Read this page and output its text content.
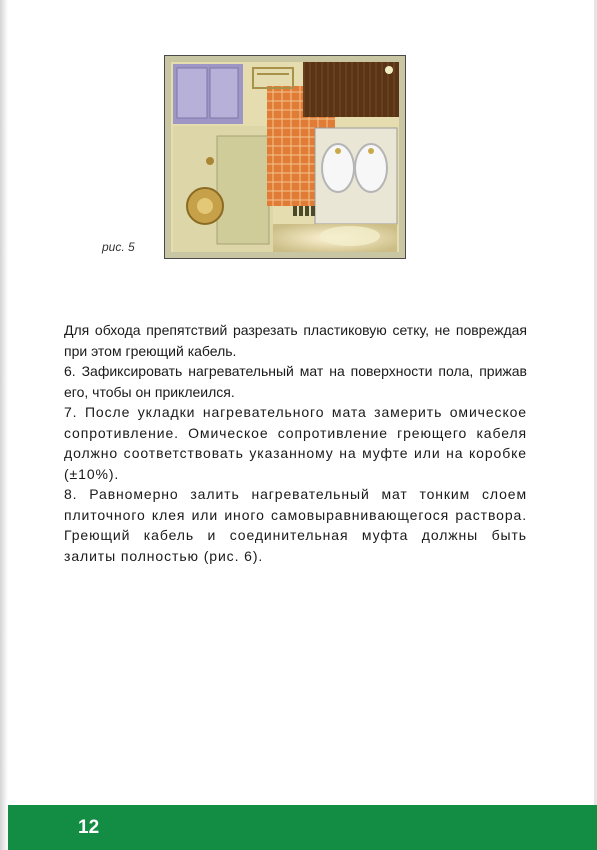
рис. 5

Для обхода препятствий разрезать пластиковую сетку, не повреждая при этом греющий кабель.

6. Зафиксировать нагревательный мат на поверхности пола, прижав его, чтобы он приклеился.

7. После укладки нагревательного мата замерить омическое сопротивление. Омическое сопротивление греющего кабеля должно соответствовать указанному на муфте или на коробке (±10%).

8. Равномерно залить нагревательный мат тонким слоем плиточного клея или иного самовыравнивающегося раствора. Греющий кабель и соединительная муфта должны быть залиты полностью (рис. 6).

12
